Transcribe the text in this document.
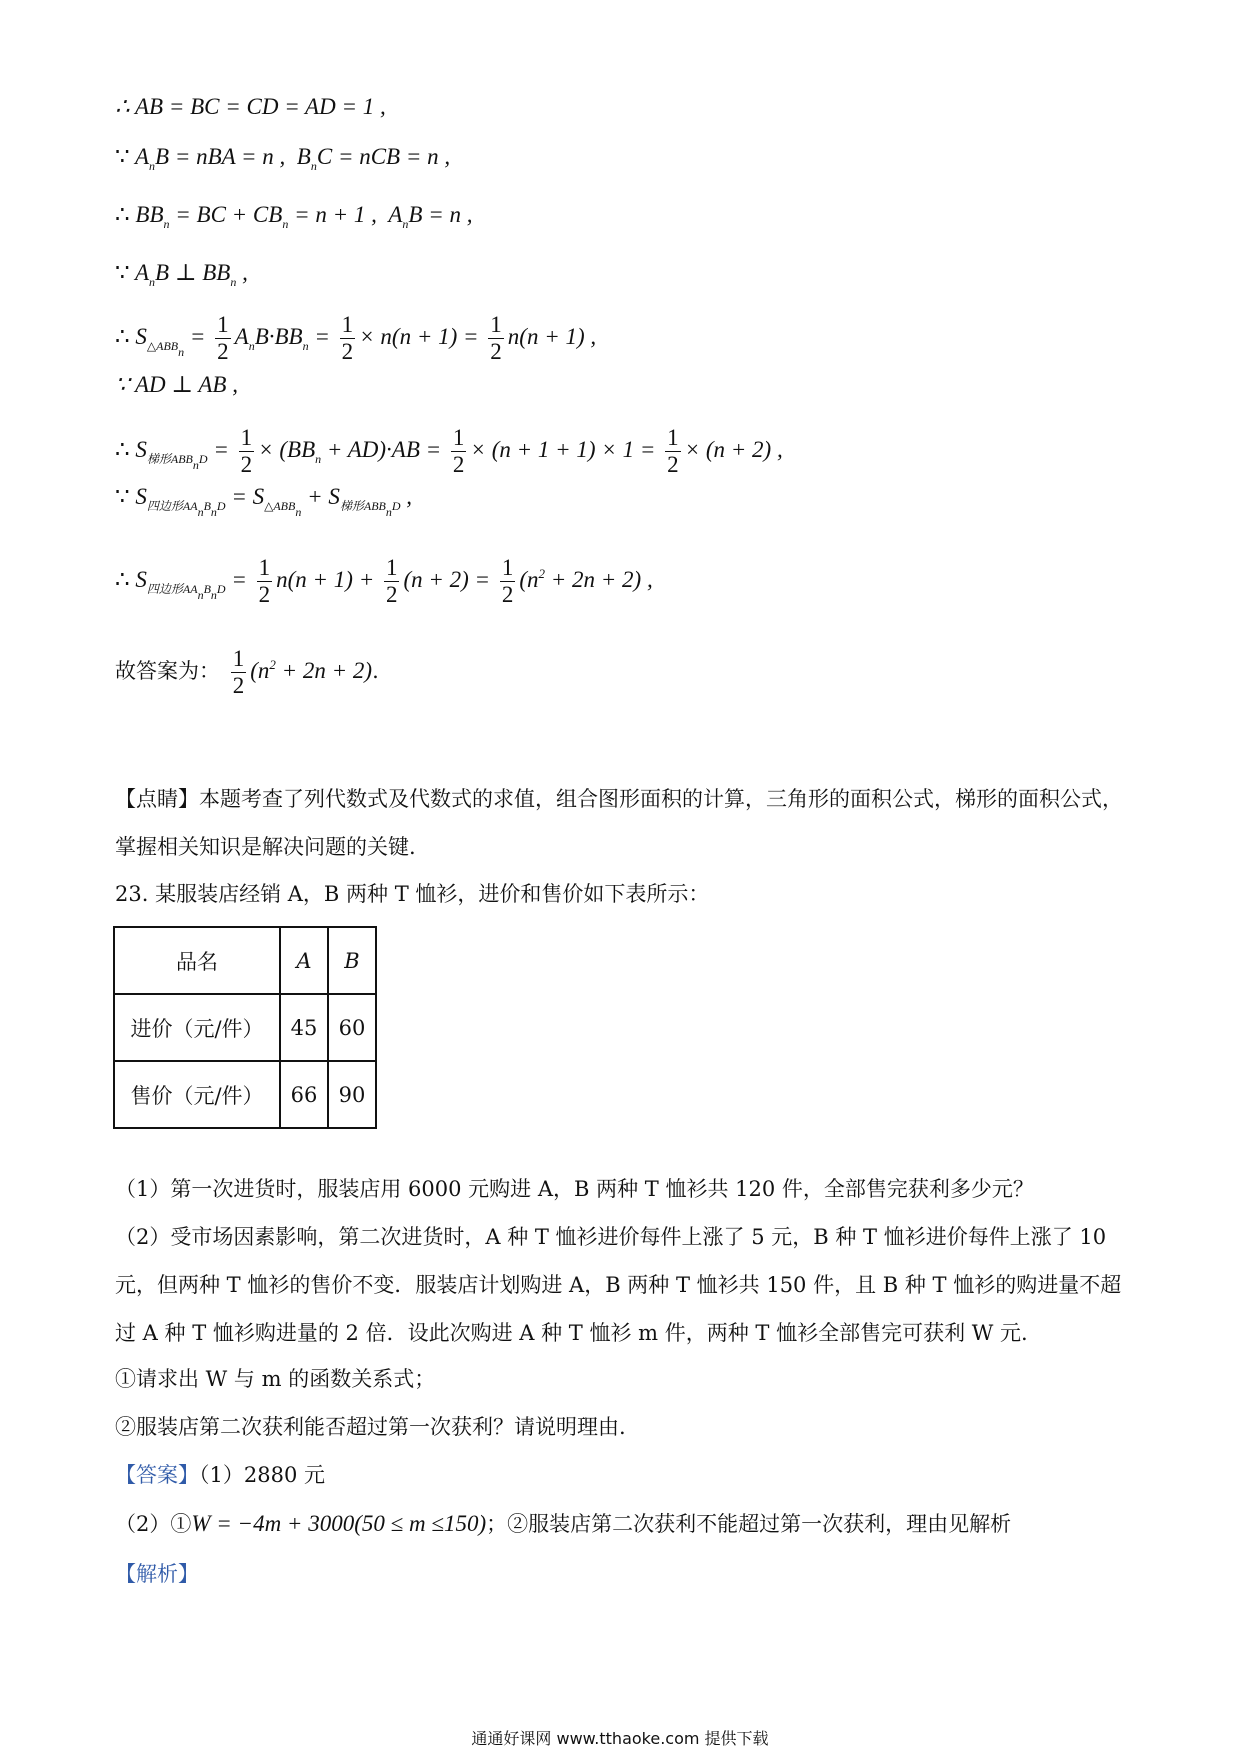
∴ AB = BC = CD = AD = 1 ,
∵ $A_nB$ = nBA = n ,  $B_nC$ = nCB = n ,
∴ $BB_n$ = BC + $CB_n = n + 1$ ,  $A_nB = n$ ,
∵ $A_nB$ ⊥ $BB_n$ ,
∴ $S_{\triangle ABB_n} = \frac{1}{2} A_nB\cdot BB_n = \frac{1}{2} \times n(n + 1) = \frac{1}{2} n(n + 1)$ ,
∵ AD ⊥ AB ,
∴ $S_{梯形ABB_nD} = \frac{1}{2} \times (BB_n + AD)\cdot AB = \frac{1}{2} \times (n + 1 + 1) \times 1 = \frac{1}{2} \times (n + 2)$ ,
∵ $S_{四边形AA_nB_nD} = S_{\triangle ABB_n} + S_{梯形ABB_nD}$ ,
∴ $S_{四边形AA_nB_nD} = \frac{1}{2} n(n + 1) + \frac{1}{2} (n + 2) = \frac{1}{2} (n^2 + 2n + 2)$ ,
故答案为： $\frac{1}{2} (n^2 + 2n + 2)$.
【点睛】本题考查了列代数式及代数式的求值，组合图形面积的计算，三角形的面积公式，梯形的面积公式，掌握相关知识是解决问题的关键.
23. 某服装店经销 A，B 两种 T 恤衫，进价和售价如下表所示：
品名	A	B
进价（元/件）	45	60
售价（元/件）	66	90
（1）第一次进货时，服装店用 6000 元购进 A，B 两种 T 恤衫共 120 件，全部售完获利多少元？
（2）受市场因素影响，第二次进货时，A 种 T 恤衫进价每件上涨了 5 元，B 种 T 恤衫进价每件上涨了 10 元，但两种 T 恤衫的售价不变．服装店计划购进 A，B 两种 T 恤衫共 150 件，且 B 种 T 恤衫的购进量不超过 A 种 T 恤衫购进量的 2 倍．设此次购进 A 种 T 恤衫 m 件，两种 T 恤衫全部售完可获利 W 元.
①请求出 W 与 m 的函数关系式；
②服装店第二次获利能否超过第一次获利？请说明理由.
【答案】（1）2880 元
（2）①W = −4m + 3000(50 ≤ m ≤150)；②服装店第二次获利不能超过第一次获利，理由见解析
【解析】
通通好课网 www.tthaoke.com 提供下载
